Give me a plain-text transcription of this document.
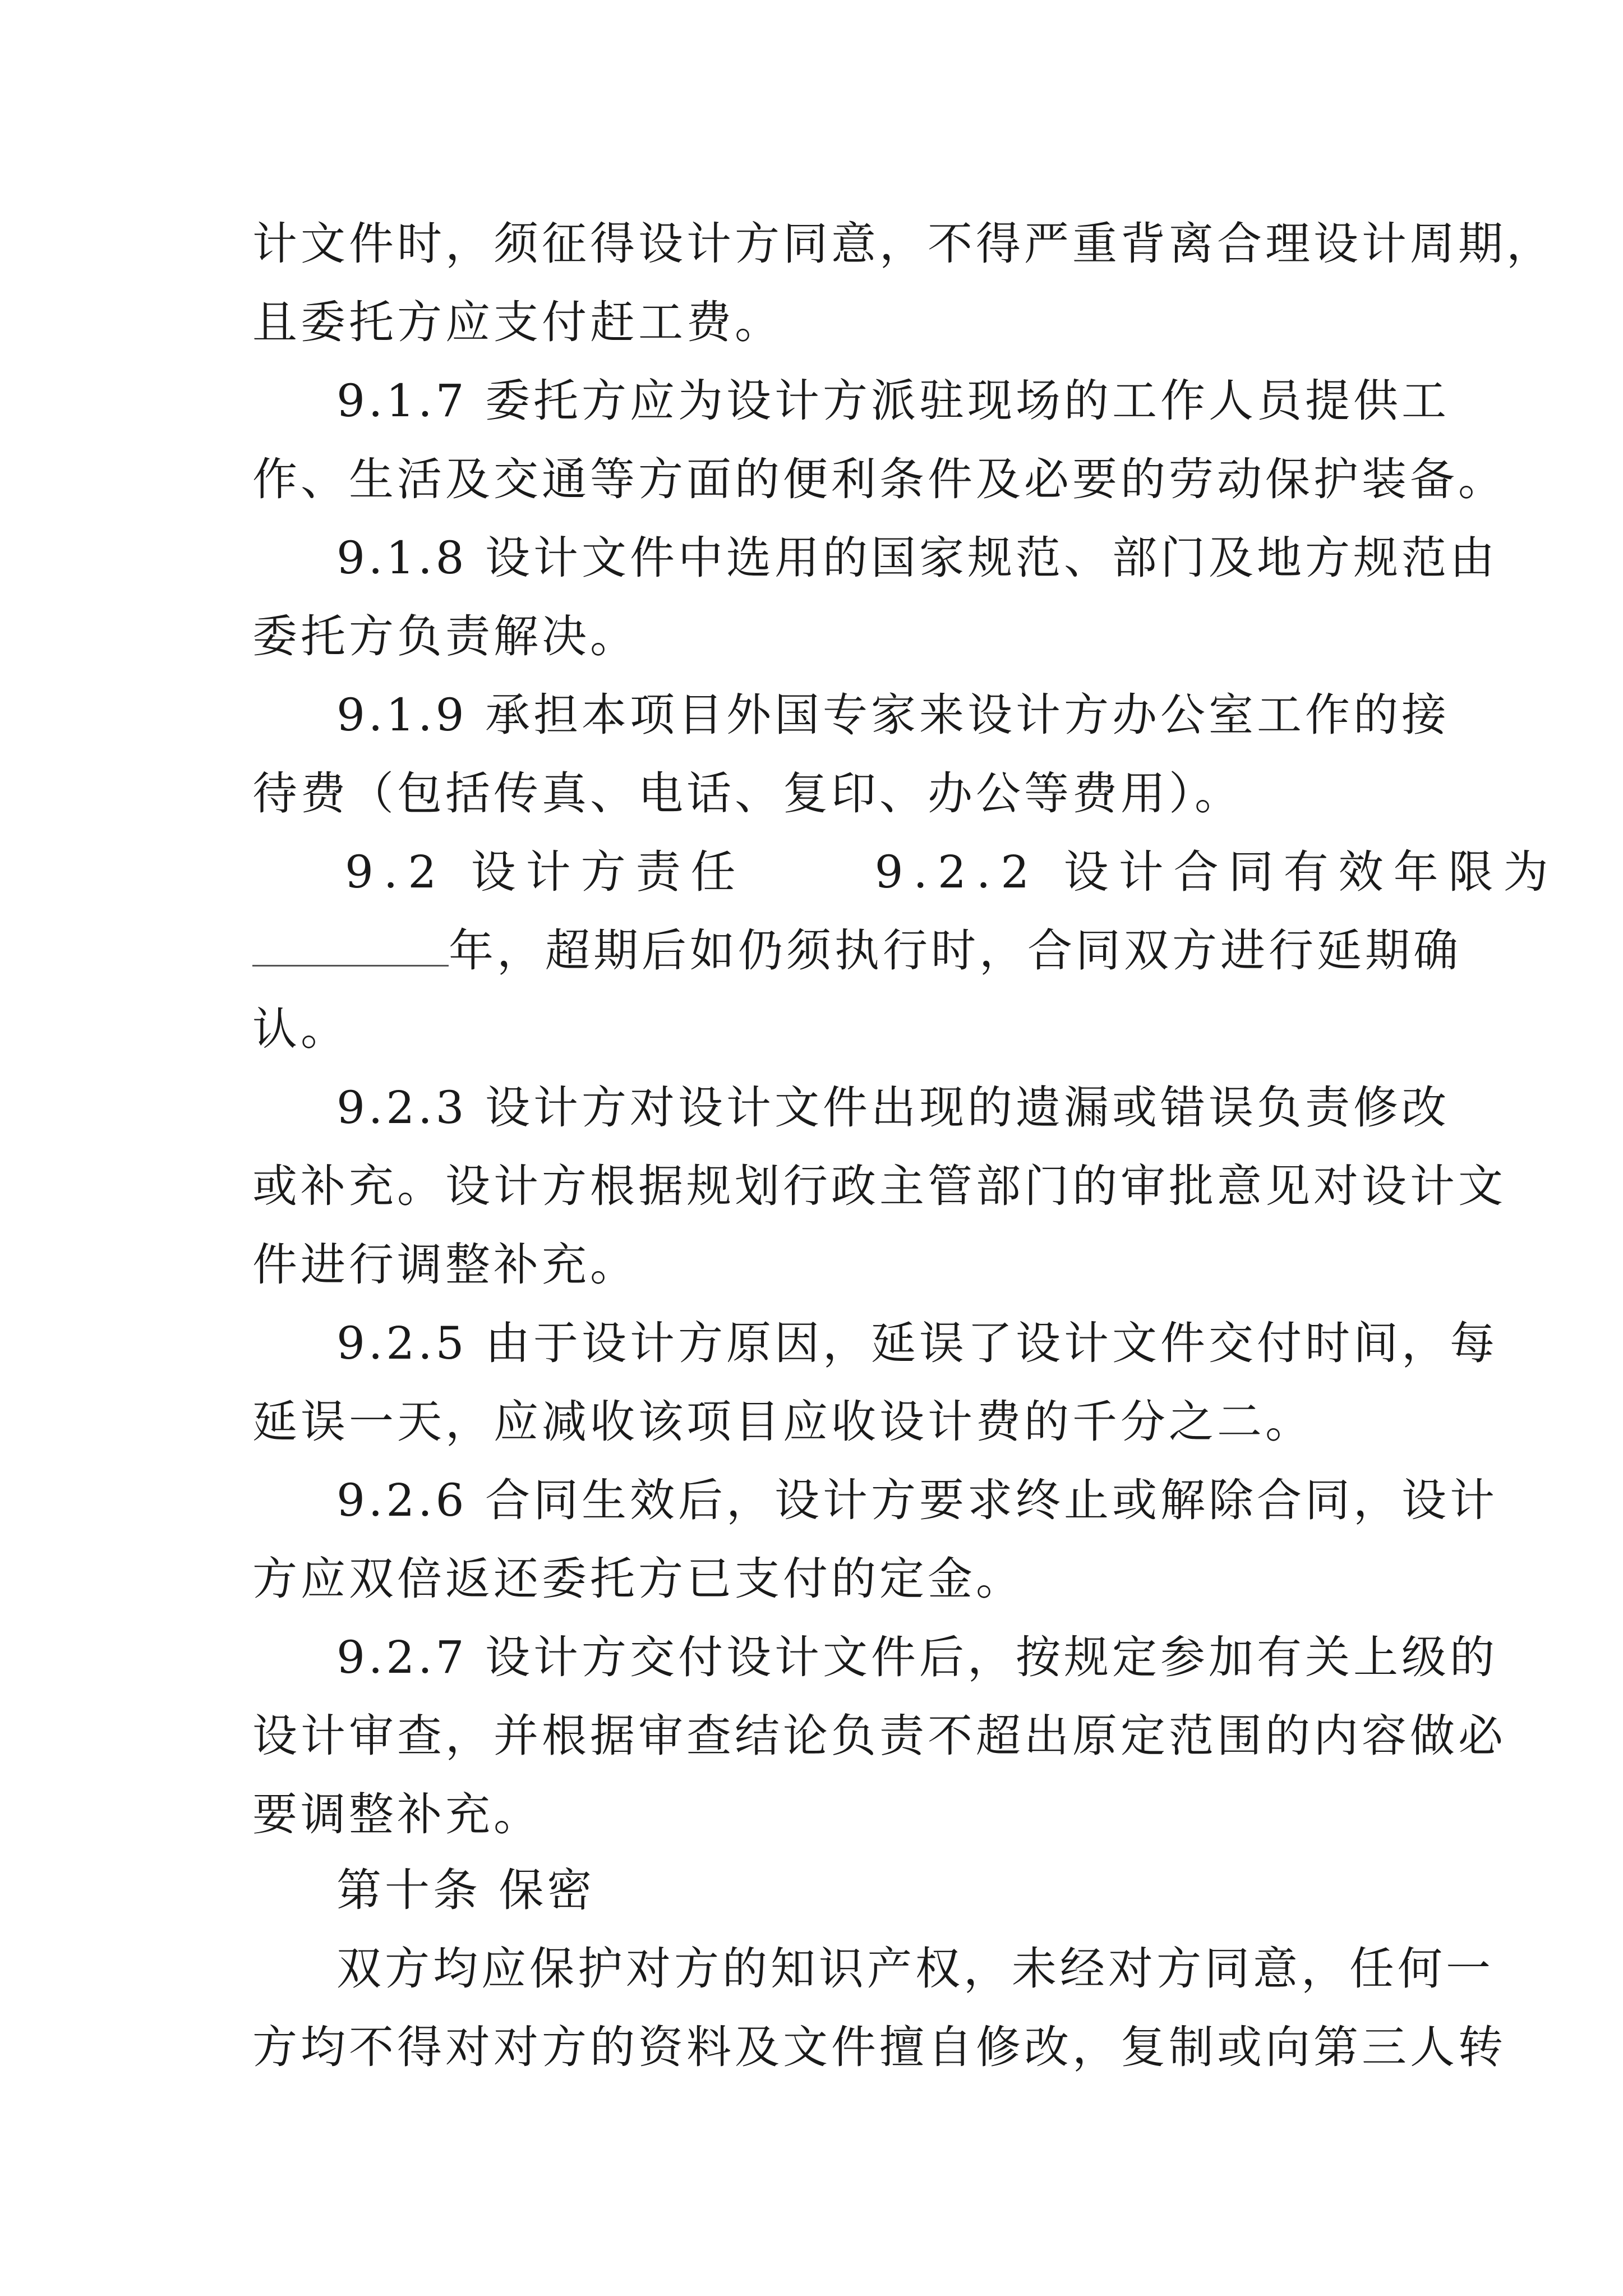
计文件时，须征得设计方同意，不得严重背离合理设计周期，
且委托方应支付赶工费。
9.1.7 委托方应为设计方派驻现场的工作人员提供工
作、生活及交通等方面的便利条件及必要的劳动保护装备。
9.1.8 设计文件中选用的国家规范、部门及地方规范由
委托方负责解决。
9.1.9 承担本项目外国专家来设计方办公室工作的接
待费（包括传真、电话、复印、办公等费用）。
9.2 设计方责任	9.2.2 设计合同有效年限为
年，超期后如仍须执行时，合同双方进行延期确
认。
9.2.3 设计方对设计文件出现的遗漏或错误负责修改
或补充。设计方根据规划行政主管部门的审批意见对设计文
件进行调整补充。
9.2.5 由于设计方原因，延误了设计文件交付时间，每
延误一天，应减收该项目应收设计费的千分之二。
9.2.6 合同生效后，设计方要求终止或解除合同，设计
方应双倍返还委托方已支付的定金。
9.2.7 设计方交付设计文件后，按规定参加有关上级的
设计审查，并根据审查结论负责不超出原定范围的内容做必
要调整补充。
第十条 保密
双方均应保护对方的知识产权，未经对方同意，任何一
方均不得对对方的资料及文件擅自修改，复制或向第三人转
